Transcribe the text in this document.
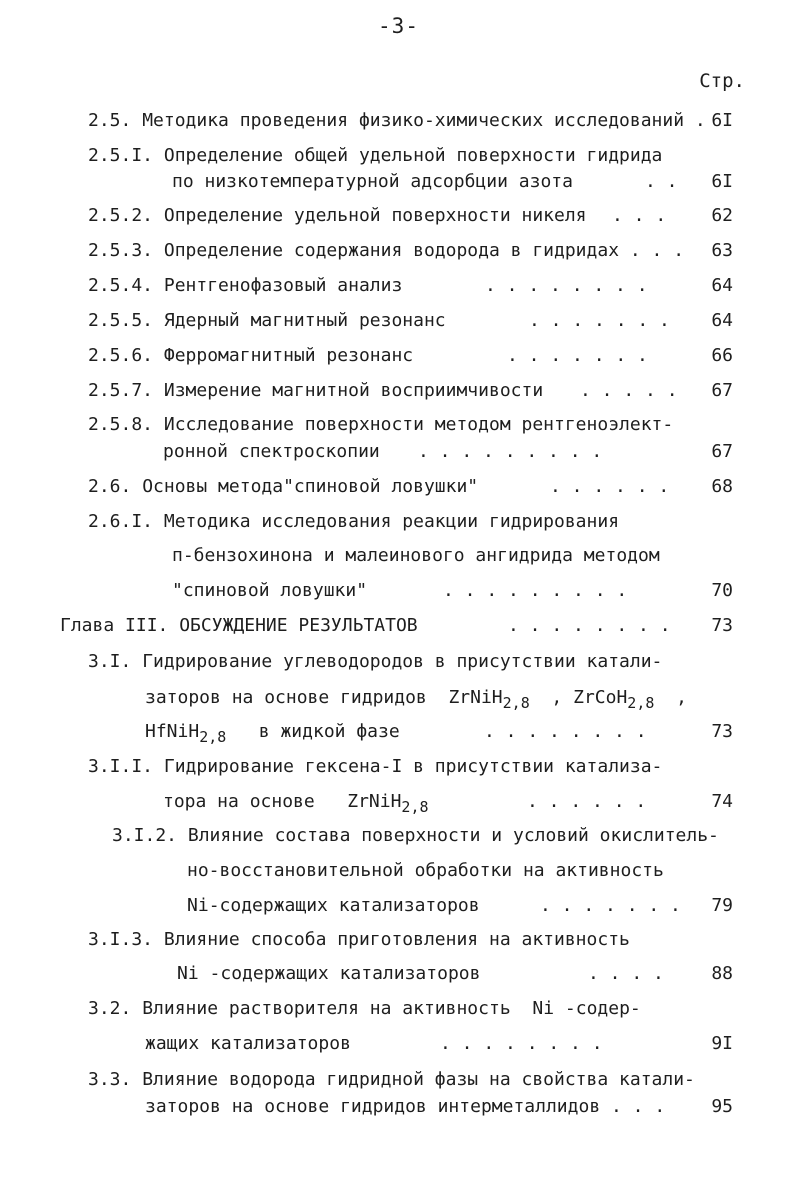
-3-
Стр.
2.5. Методика проведения физико-химических исследований . 6I
2.5.I. Определение общей удельной поверхности гидрида
по низкотемпературной адсорбции азота	. . 6I
2.5.2. Определение удельной поверхности никеля . . .	62
2.5.3. Определение содержания водорода в гидридах . . . 63
2.5.4. Рентгенофазовый анализ	. . . . . . . .	64
2.5.5. Ядерный магнитный резонанс	. . . . . . . 64
2.5.6. Ферромагнитный резонанс	. . . . . . .	66
2.5.7. Измерение магнитной восприимчивости . . . . . 67
2.5.8. Исследование поверхности методом рентгеноэлект-
ронной спектроскопии . . . . . . . . .	67
2.6. Основы метода"спиновой ловушки"	. . . . . . 68
2.6.I. Методика исследования реакции гидрирования
п-бензохинона и малеинового ангидрида методом
"спиновой ловушки"	. . . . . . . . .	70
Глава III. ОБСУЖДЕНИЕ РЕЗУЛЬТАТОВ	. . . . . . . . 73
3.I. Гидрирование углеводородов в присутствии катали-
заторов на основе гидридов ZrNiH$_{2,8}$ , ZrCoH$_{2,8}$ ,
HfNiH$_{2,8}$ в жидкой фазе	. . . . . . . .	73
3.I.I. Гидрирование гексена-I в присутствии катализа-
тора на основе ZrNiH$_{2,8}$	. . . . . .	74
3.I.2. Влияние состава поверхности и условий окислитель-
но-восстановительной обработки на активность
Ni-содержащих катализаторов	. . . . . . . 79
3.I.3. Влияние способа приготовления на активность
Ni -содержащих катализаторов	. . . .	88
3.2. Влияние растворителя на активность Ni -содер-
жащих катализаторов	. . . . . . . .	9I
3.3. Влияние водорода гидридной фазы на свойства катали-
заторов на основе гидридов интерметаллидов . . .	95
